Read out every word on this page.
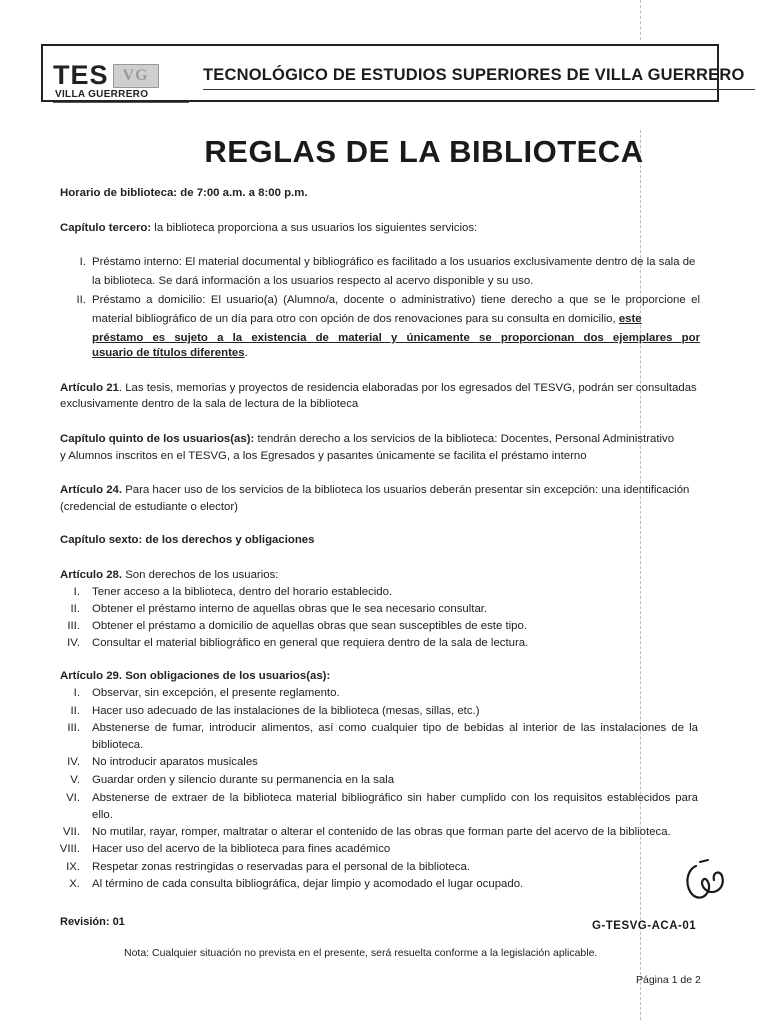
TES VG
VILLA GUERRERO
TECNOLÓGICO DE ESTUDIOS SUPERIORES DE VILLA GUERRERO
REGLAS DE LA BIBLIOTECA
Horario de biblioteca: de 7:00 a.m. a 8:00 p.m.
Capítulo tercero: la biblioteca proporciona a sus usuarios los siguientes servicios:
I. Préstamo interno: El material documental y bibliográfico es facilitado a los usuarios exclusivamente dentro de la sala de
la biblioteca. Se dará información a los usuarios respecto al acervo disponible y su uso.
II. Préstamo a domicilio: El usuario(a) (Alumno/a, docente o administrativo) tiene derecho a que se le proporcione el
material bibliográfico de un día para otro con opción de dos renovaciones para su consulta en domicilio, este
préstamo es sujeto a la existencia de material y únicamente se proporcionan dos ejemplares por
usuario de títulos diferentes.
Artículo 21. Las tesis, memorias y proyectos de residencia elaboradas por los egresados del TESVG, podrán ser consultadas
exclusivamente dentro de la sala de lectura de la biblioteca
Capítulo quinto de los usuarios(as): tendrán derecho a los servicios de la biblioteca: Docentes, Personal Administrativo
y Alumnos inscritos en el TESVG, a los Egresados y pasantes únicamente se facilita el préstamo interno
Artículo 24. Para hacer uso de los servicios de la biblioteca los usuarios deberán presentar sin excepción: una identificación
(credencial de estudiante o elector)
Capítulo sexto: de los derechos y obligaciones
Artículo 28. Son derechos de los usuarios:
I. Tener acceso a la biblioteca, dentro del horario establecido.
II. Obtener el préstamo interno de aquellas obras que le sea necesario consultar.
III. Obtener el préstamo a domicilio de aquellas obras que sean susceptibles de este tipo.
IV. Consultar el material bibliográfico en general que requiera dentro de la sala de lectura.
Artículo 29. Son obligaciones de los usuarios(as):
I. Observar, sin excepción, el presente reglamento.
II. Hacer uso adecuado de las instalaciones de la biblioteca (mesas, sillas, etc.)
III. Abstenerse de fumar, introducir alimentos, así como cualquier tipo de bebidas al interior de las instalaciones de la
biblioteca.
IV. No introducir aparatos musicales
V. Guardar orden y silencio durante su permanencia en la sala
VI. Abstenerse de extraer de la biblioteca material bibliográfico sin haber cumplido con los requisitos establecidos para
ello.
VII. No mutilar, rayar, romper, maltratar o alterar el contenido de las obras que forman parte del acervo de la biblioteca.
VIII. Hacer uso del acervo de la biblioteca para fines académico
IX. Respetar zonas restringidas o reservadas para el personal de la biblioteca.
X. Al término de cada consulta bibliográfica, dejar limpio y acomodado el lugar ocupado.
Revisión: 01	G-TESVG-ACA-01
Nota: Cualquier situación no prevista en el presente, será resuelta conforme a la legislación aplicable.
Página 1 de 2
